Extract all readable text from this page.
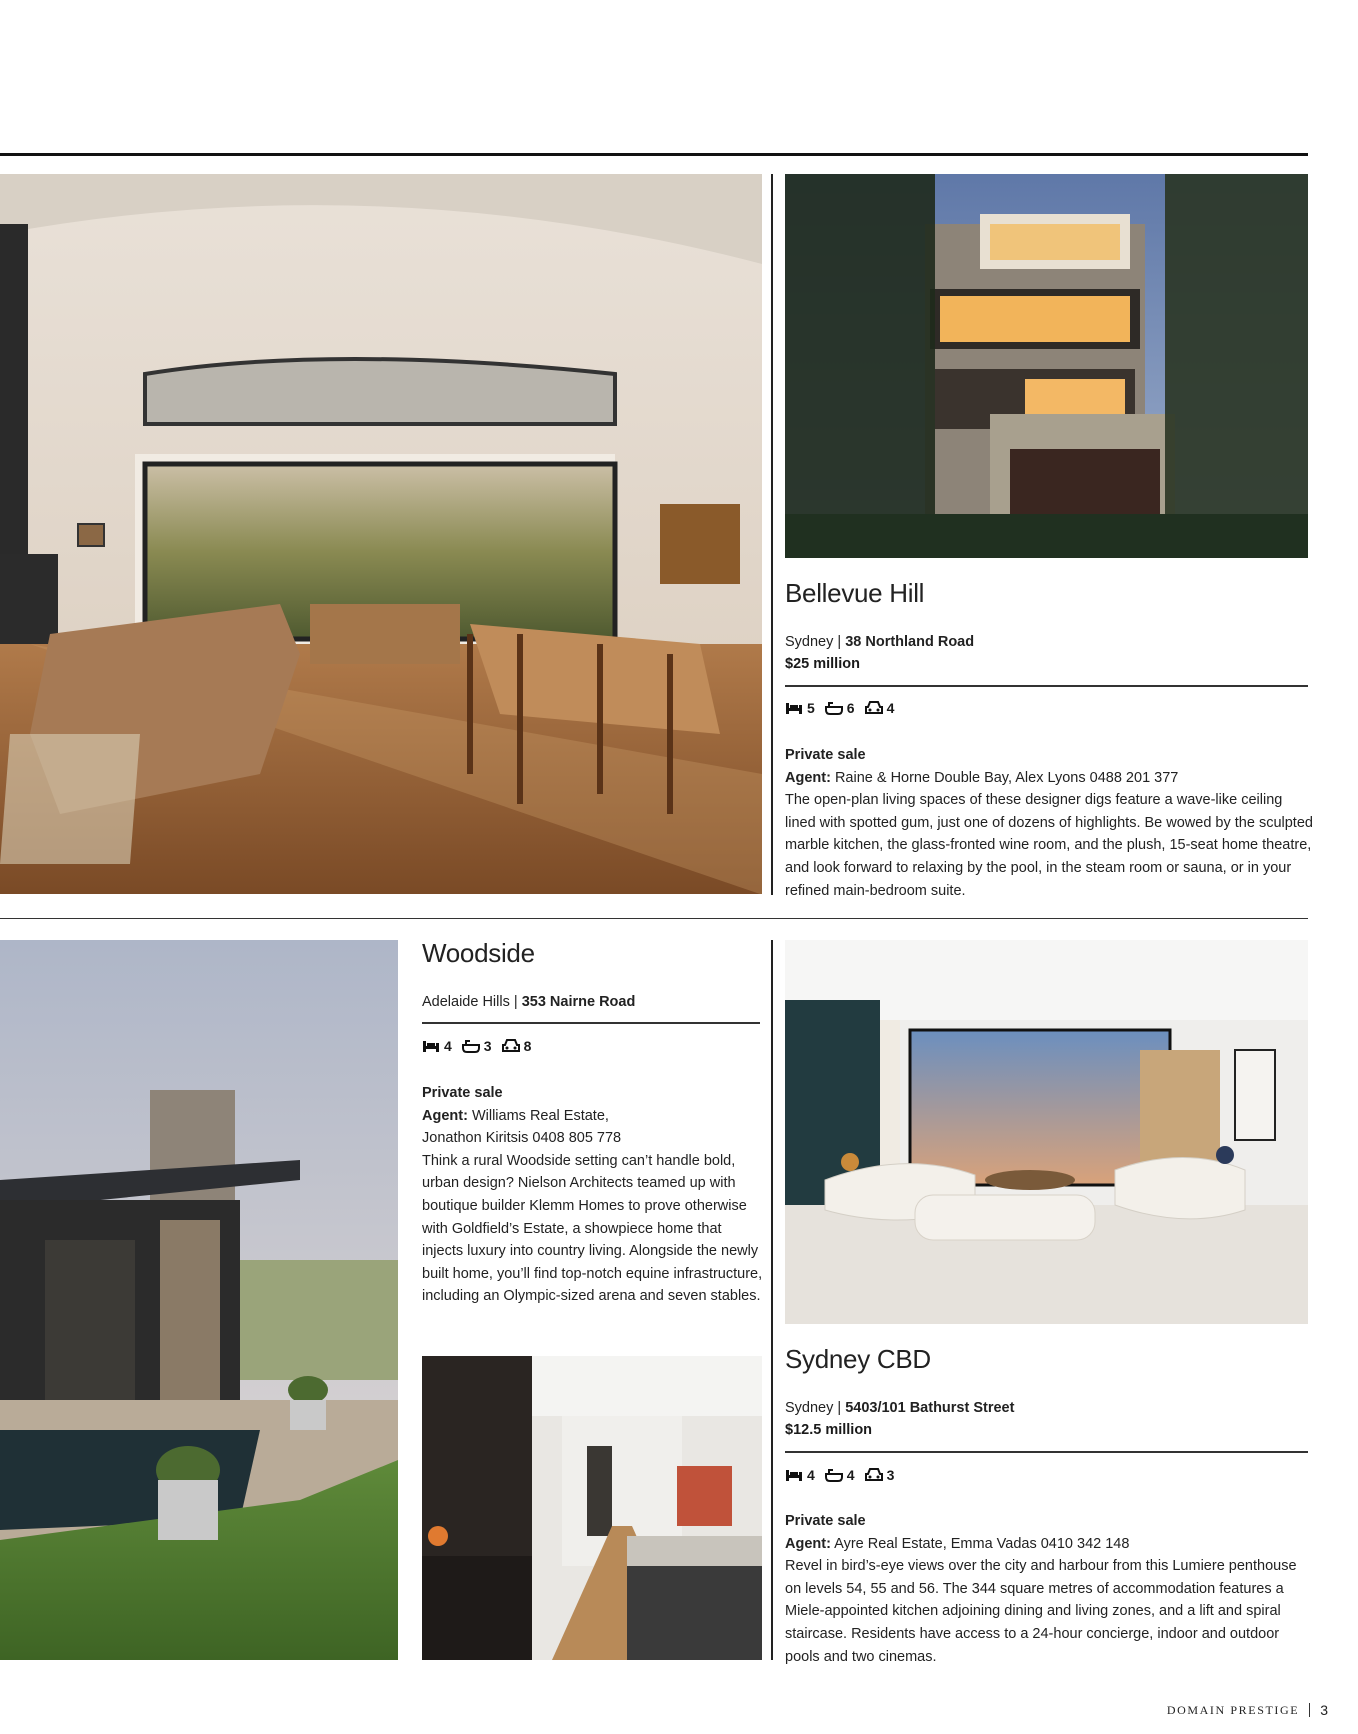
Bellevue Hill
Sydney | 38 Northland Road
$25 million
5 6 4
Private sale
Agent: Raine & Horne Double Bay, Alex Lyons 0488 201 377
The open-plan living spaces of these designer digs feature a wave-like ceiling lined with spotted gum, just one of dozens of highlights. Be wowed by the sculpted marble kitchen, the glass-fronted wine room, and the plush, 15-seat home theatre, and look forward to relaxing by the pool, in the steam room or sauna, or in your refined main-bedroom suite.
Woodside
Adelaide Hills | 353 Nairne Road
4 3 8
Private sale
Agent: Williams Real Estate,
Jonathon Kiritsis 0408 805 778
Think a rural Woodside setting can’t handle bold, urban design? Nielson Architects teamed up with boutique builder Klemm Homes to prove otherwise with Goldfield’s Estate, a showpiece home that injects luxury into country living. Alongside the newly built home, you’ll find top-notch equine infrastructure, including an Olympic-sized arena and seven stables.
Sydney CBD
Sydney | 5403/101 Bathurst Street
$12.5 million
4 4 3
Private sale
Agent: Ayre Real Estate, Emma Vadas 0410 342 148
Revel in bird’s-eye views over the city and harbour from this Lumiere penthouse on levels 54, 55 and 56. The 344 square metres of accommodation features a Miele-appointed kitchen adjoining dining and living zones, and a lift and spiral staircase. Residents have access to a 24-hour concierge, indoor and outdoor pools and two cinemas.
DOMAIN PRESTIGE 3
